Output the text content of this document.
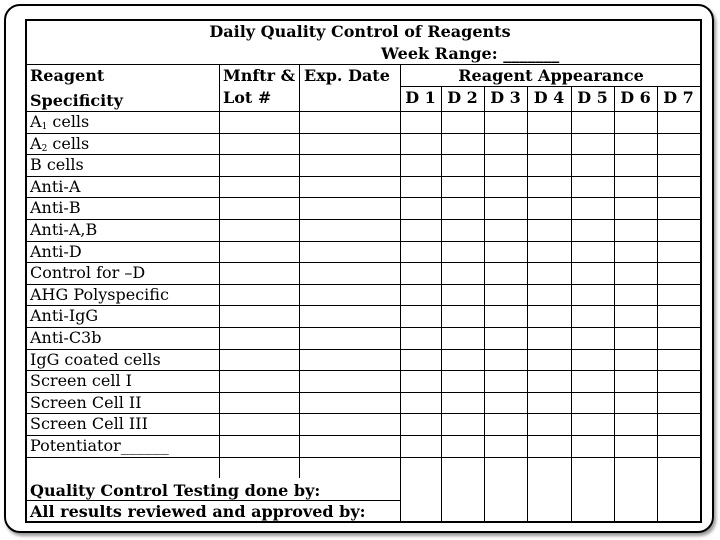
Daily Quality Control of Reagents
Week Range: _______
Reagent
Specificity
Mnftr &
Lot #
Exp. Date	Reagent Appearance
D 1 D 2 D 3 D 4 D 5 D 6 D 7
$A_1$ cells
$A_2$ cells
B cells
Anti-A
Anti-B
Anti-A,B
Anti-D
Control for –D
AHG Polyspecific
Anti-IgG
Anti-C3b
IgG coated cells
Screen cell I
Screen Cell II
Screen Cell III
Potentiator______
Quality Control Testing done by:
All results reviewed and approved by:
